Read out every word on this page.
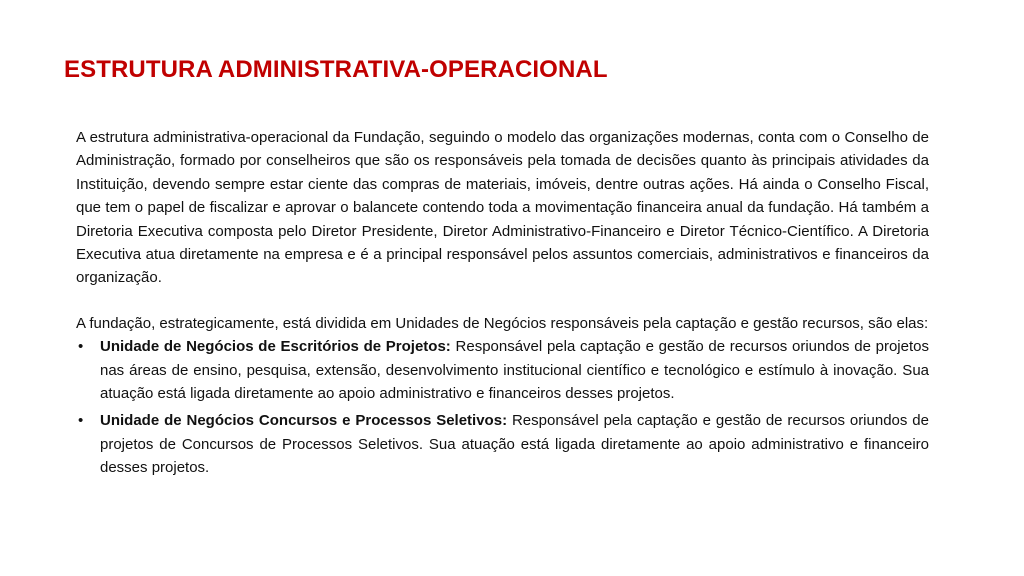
ESTRUTURA ADMINISTRATIVA-OPERACIONAL

A estrutura administrativa-operacional da Fundação, seguindo o modelo das organizações modernas, conta com o Conselho de Administração, formado por conselheiros que são os responsáveis pela tomada de decisões quanto às principais atividades da Instituição, devendo sempre estar ciente das compras de materiais, imóveis, dentre outras ações. Há ainda o Conselho Fiscal, que tem o papel de fiscalizar e aprovar o balancete contendo toda a movimentação financeira anual da fundação. Há também a Diretoria Executiva composta pelo Diretor Presidente, Diretor Administrativo-Financeiro e Diretor Técnico-Científico. A Diretoria Executiva atua diretamente na empresa e é a principal responsável pelos assuntos comerciais, administrativos e financeiros da organização.

A fundação, estrategicamente, está dividida em Unidades de Negócios responsáveis pela captação e gestão recursos, são elas:

• Unidade de Negócios de Escritórios de Projetos: Responsável pela captação e gestão de recursos oriundos de projetos nas áreas de ensino, pesquisa, extensão, desenvolvimento institucional científico e tecnológico e estímulo à inovação. Sua atuação está ligada diretamente ao apoio administrativo e financeiros desses projetos.
• Unidade de Negócios Concursos e Processos Seletivos: Responsável pela captação e gestão de recursos oriundos de projetos de Concursos de Processos Seletivos. Sua atuação está ligada diretamente ao apoio administrativo e financeiro desses projetos.
